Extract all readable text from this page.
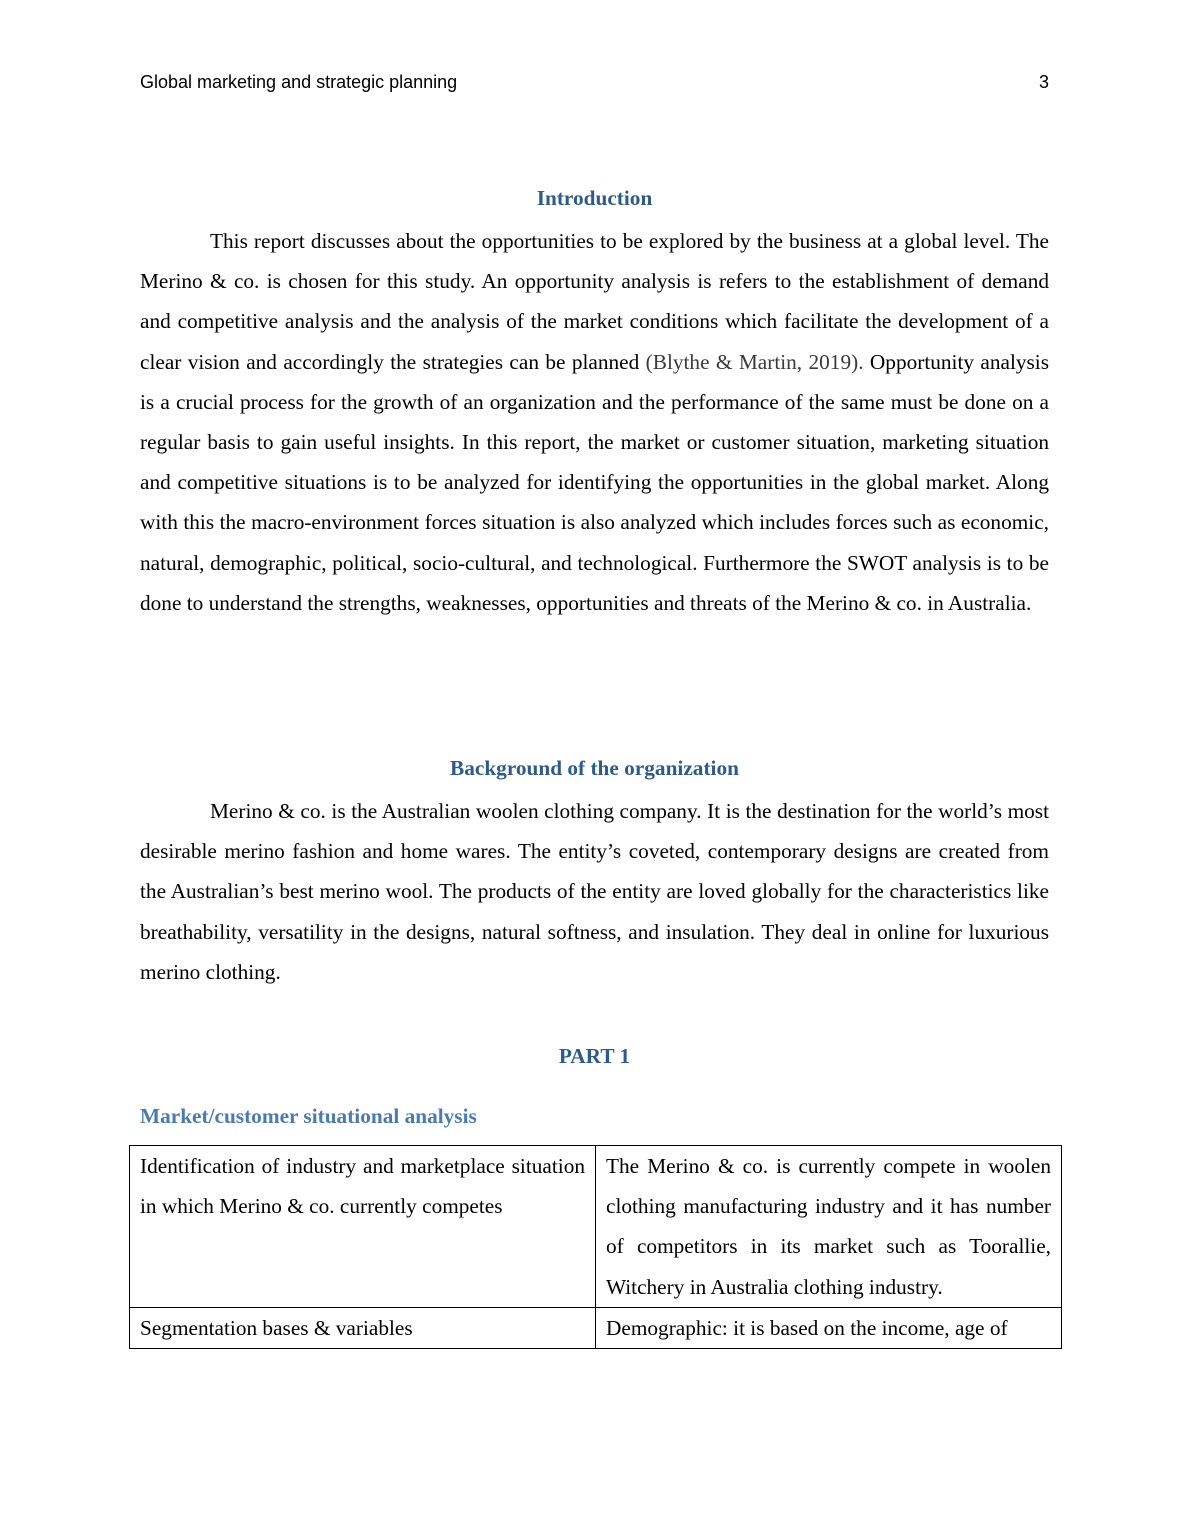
Global marketing and strategic planning	3
Introduction
This report discusses about the opportunities to be explored by the business at a global level. The Merino & co. is chosen for this study. An opportunity analysis is refers to the establishment of demand and competitive analysis and the analysis of the market conditions which facilitate the development of a clear vision and accordingly the strategies can be planned (Blythe & Martin, 2019). Opportunity analysis is a crucial process for the growth of an organization and the performance of the same must be done on a regular basis to gain useful insights. In this report, the market or customer situation, marketing situation and competitive situations is to be analyzed for identifying the opportunities in the global market. Along with this the macro-environment forces situation is also analyzed which includes forces such as economic, natural, demographic, political, socio-cultural, and technological. Furthermore the SWOT analysis is to be done to understand the strengths, weaknesses, opportunities and threats of the Merino & co. in Australia.
Background of the organization
Merino & co. is the Australian woolen clothing company. It is the destination for the world’s most desirable merino fashion and home wares. The entity’s coveted, contemporary designs are created from the Australian’s best merino wool. The products of the entity are loved globally for the characteristics like breathability, versatility in the designs, natural softness, and insulation. They deal in online for luxurious merino clothing.
PART 1
Market/customer situational analysis
Identification of industry and marketplace situation in which Merino & co. currently competes	The Merino & co. is currently compete in woolen clothing manufacturing industry and it has number of competitors in its market such as Toorallie, Witchery in Australia clothing industry.

Segmentation bases & variables	Demographic: it is based on the income, age of
